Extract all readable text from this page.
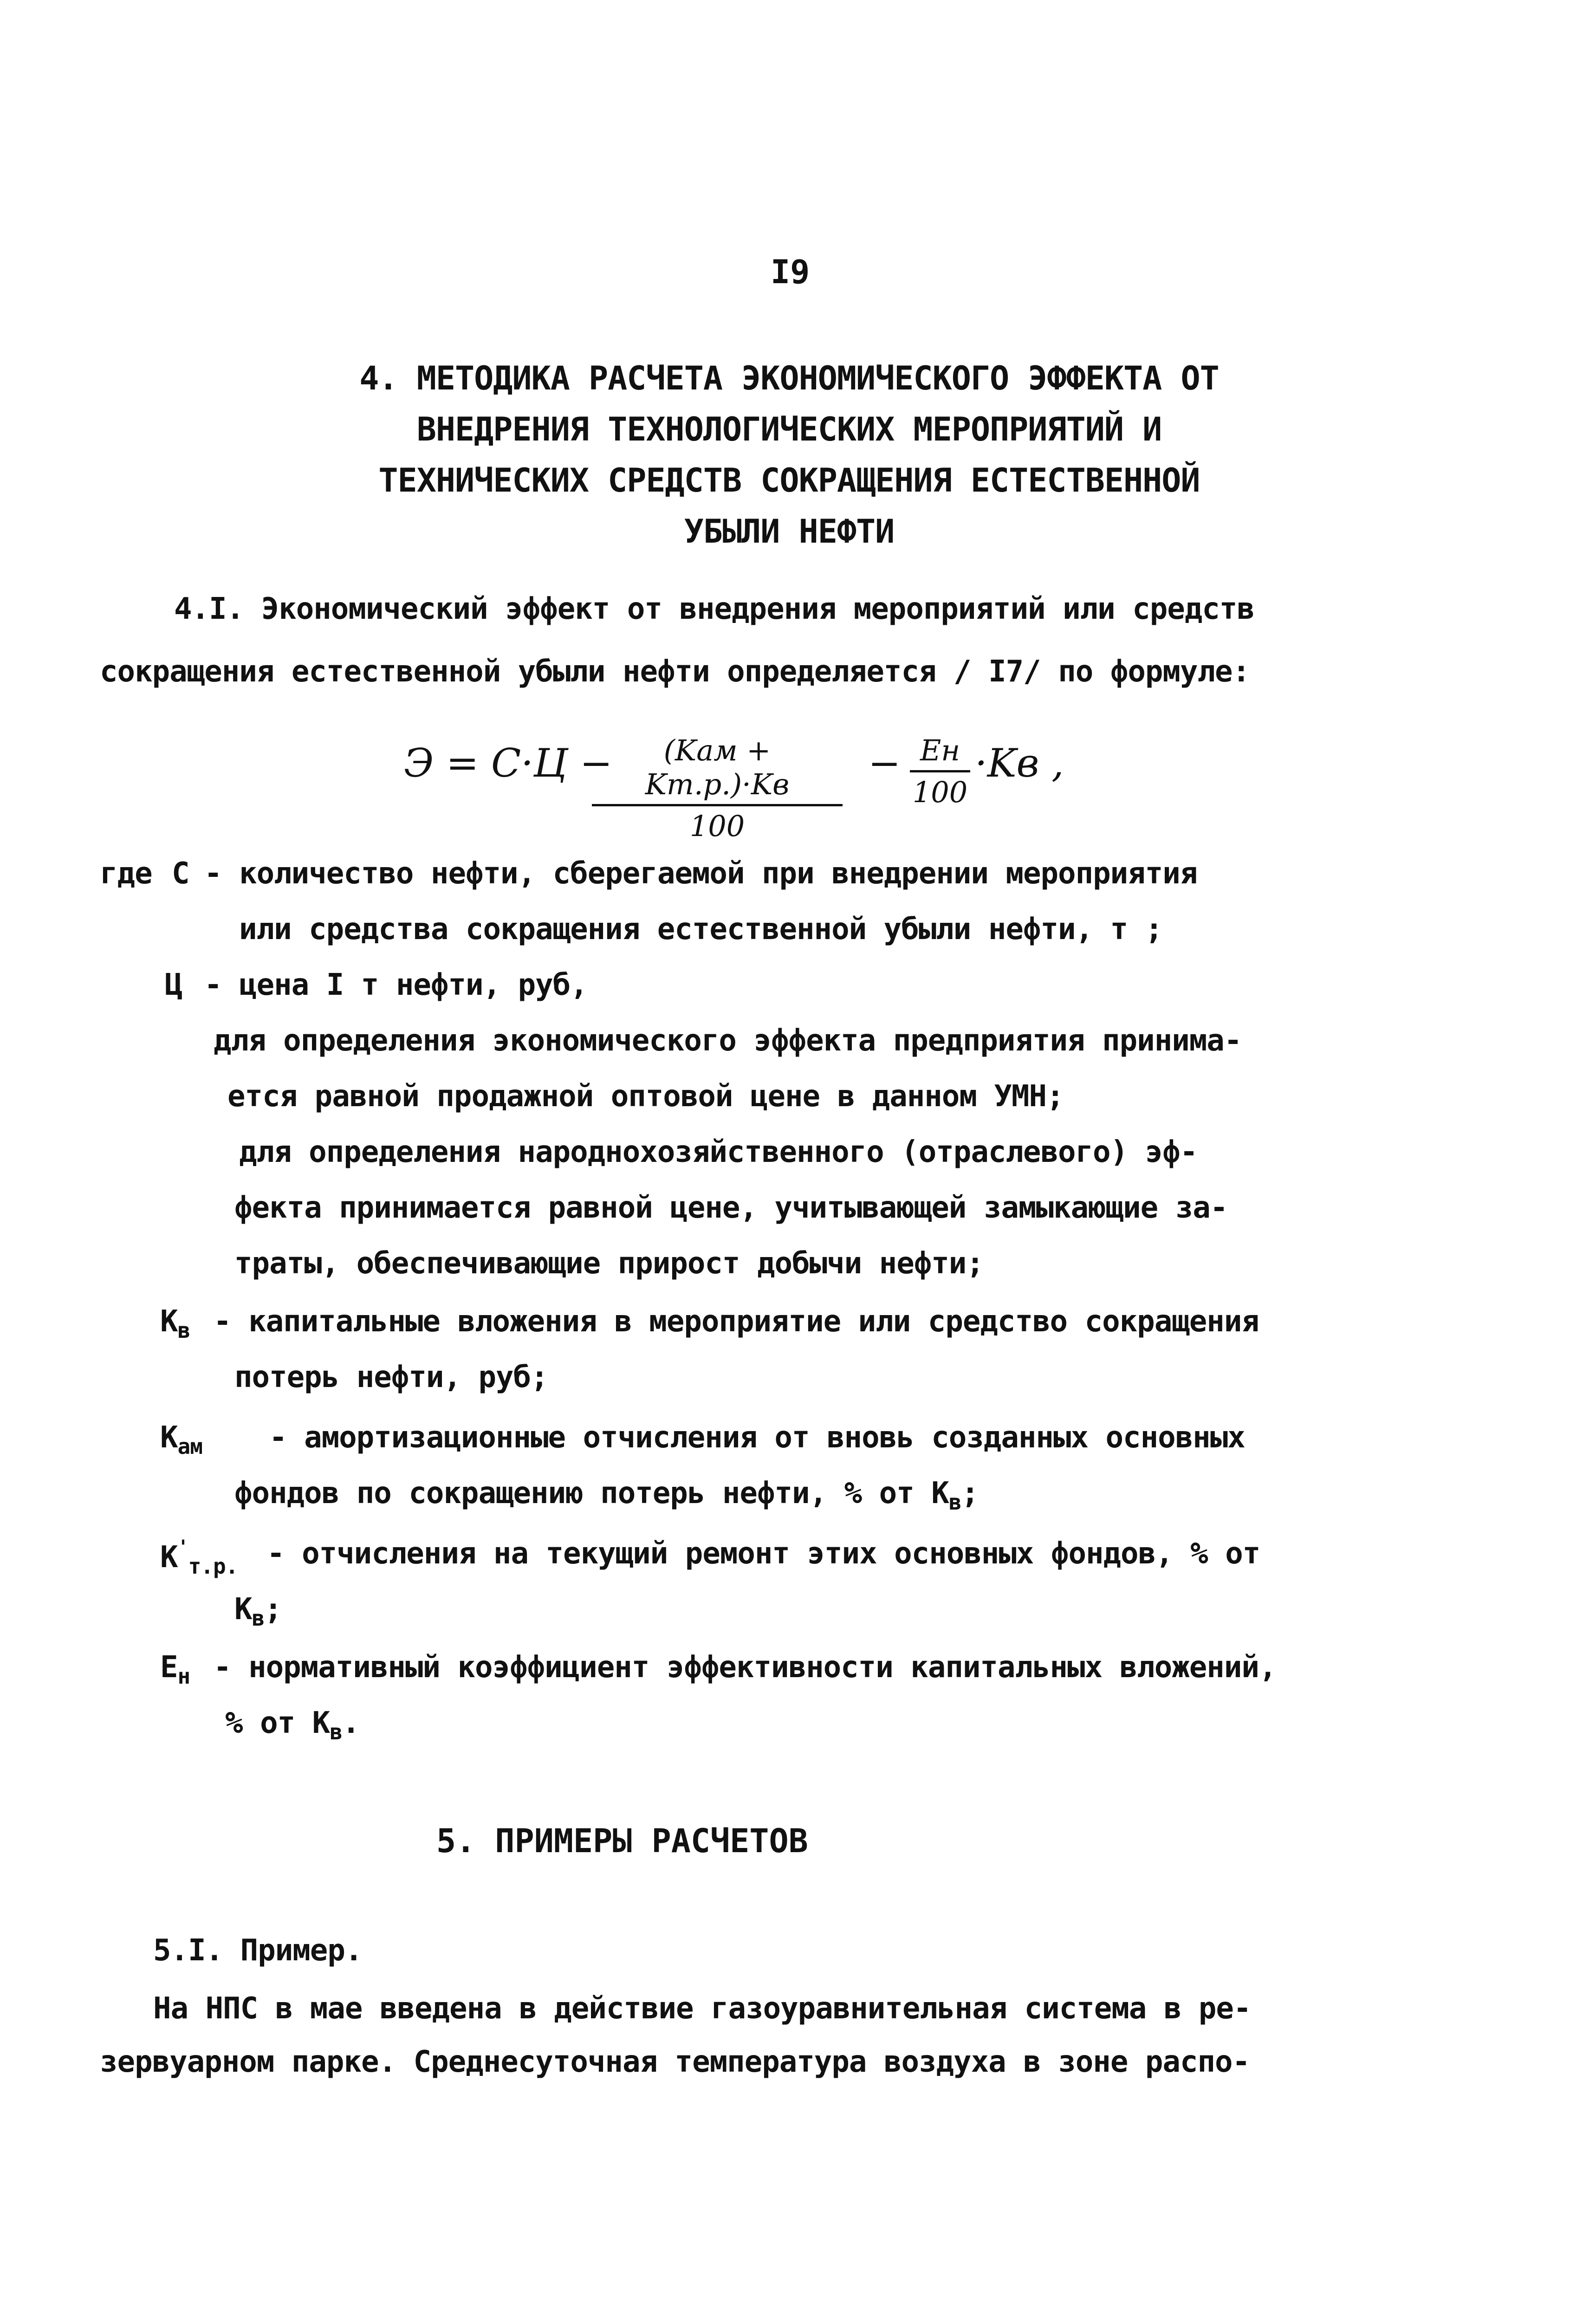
I9
4. МЕТОДИКА РАСЧЕТА ЭКОНОМИЧЕСКОГО ЭФФЕКТА ОТ
ВНЕДРЕНИЯ ТЕХНОЛОГИЧЕСКИХ МЕРОПРИЯТИЙ И
ТЕХНИЧЕСКИХ СРЕДСТВ СОКРАЩЕНИЯ ЕСТЕСТВЕННОЙ
УБЫЛИ НЕФТИ
4.I. Экономический эффект от внедрения мероприятий или средств
сокращения естественной убыли нефти определяется / I7/ по формуле:
Э = С·Ц −	(Kам + Kт.р.)·Kв
100
− Eн
100
·Kв ,
где С - количество нефти, сберегаемой при внедрении мероприятия
или средства сокращения естественной убыли нефти, т ;
Ц - цена I т нефти, руб,
для определения экономического эффекта предприятия принима-
ется равной продажной оптовой цене в данном УМН;
для определения народнохозяйственного (отраслевого) эф-
фекта принимается равной цене, учитывающей замыкающие за-
траты, обеспечивающие прирост добычи нефти;
$К_в$ - капитальные вложения в мероприятие или средство сокращения
потерь нефти, руб;
$К_{ам}$ - амортизационные отчисления от вновь созданных основных
фондов по сокращению потерь нефти, % от $К_в$;
$К'_{т.р.}$ - отчисления на текущий ремонт этих основных фондов, % от
$К_в$;
$Е_н$ - нормативный коэффициент эффективности капитальных вложений,
% от $К_в$.
5. ПРИМЕРЫ РАСЧЕТОВ
5.I. Пример.
На НПС в мае введена в действие газоуравнительная система в ре-
зервуарном парке. Среднесуточная температура воздуха в зоне распо-
